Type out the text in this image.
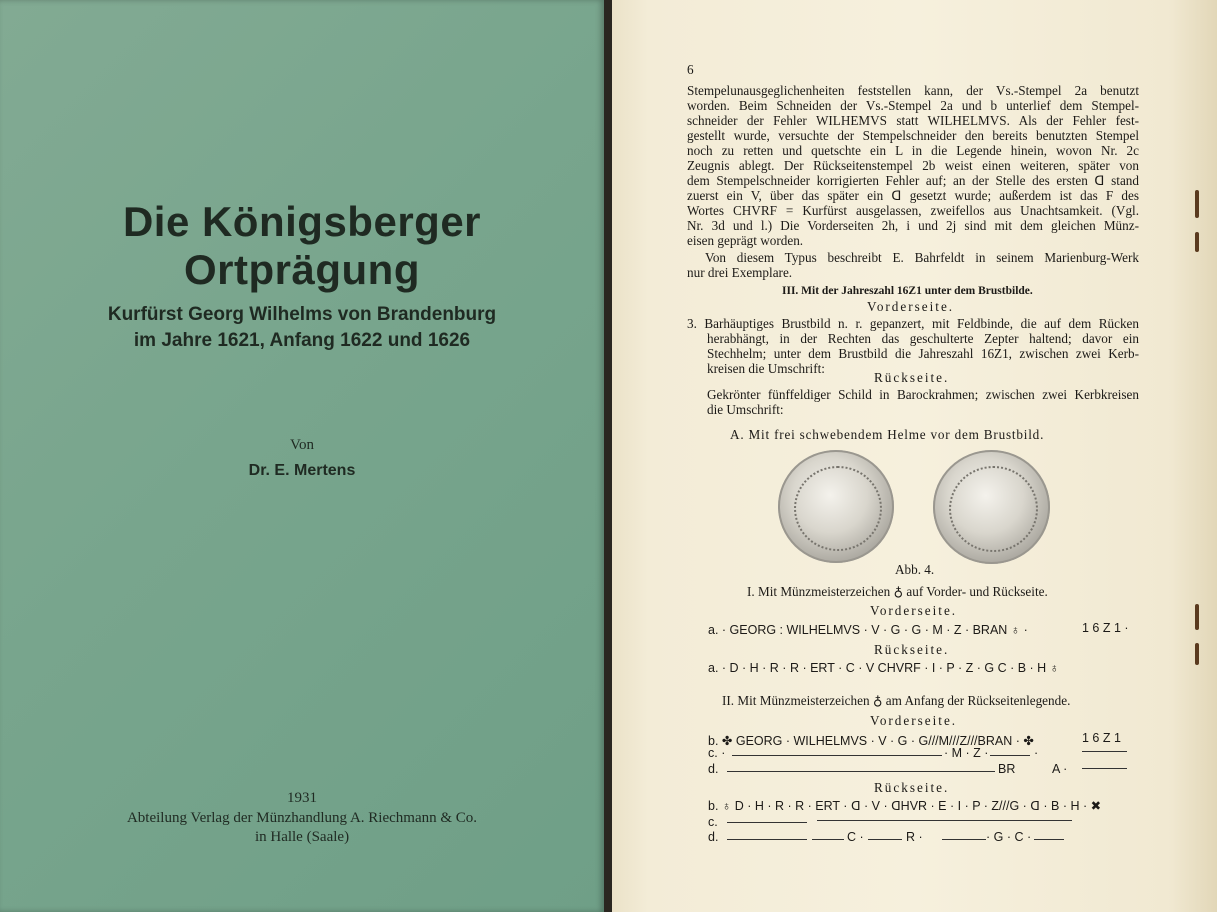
Die Königsberger
Ortprägung
Kurfürst Georg Wilhelms von Brandenburg
im Jahre 1621, Anfang 1622 und 1626
Von
Dr. E. Mertens
1931
Abteilung Verlag der Münzhandlung A. Riechmann & Co.
in Halle (Saale)
6
Stempelunausgeglichenheiten feststellen kann, der Vs.-Stempel 2a benutzt
worden. Beim Schneiden der Vs.-Stempel 2a und b unterlief dem Stempel-
schneider der Fehler WILHEMVS statt WILHELMVS. Als der Fehler fest-
gestellt wurde, versuchte der Stempelschneider den bereits benutzten Stempel
noch zu retten und quetschte ein L in die Legende hinein, wovon Nr. 2c
Zeugnis ablegt. Der Rückseitenstempel 2b weist einen weiteren, später von
dem Stempelschneider korrigierten Fehler auf; an der Stelle des ersten ᗡ stand
zuerst ein V, über das später ein ᗡ gesetzt wurde; außerdem ist das F des
Wortes CHVRF = Kurfürst ausgelassen, zweifellos aus Unachtsamkeit. (Vgl.
Nr. 3d und l.) Die Vorderseiten 2h, i und 2j sind mit dem gleichen Münz-
eisen geprägt worden.
Von diesem Typus beschreibt E. Bahrfeldt in seinem Marienburg-Werk
nur drei Exemplare.
III. Mit der Jahreszahl 16Z1 unter dem Brustbilde.
Vorderseite.
3. Barhäuptiges Brustbild n. r. gepanzert, mit Feldbinde, die auf dem Rücken
herabhängt, in der Rechten das geschulterte Zepter haltend; davor ein
Stechhelm; unter dem Brustbild die Jahreszahl 16Z1, zwischen zwei Kerb-
kreisen die Umschrift:
Rückseite.
Gekrönter fünffeldiger Schild in Barockrahmen; zwischen zwei Kerbkreisen
die Umschrift:
A. Mit frei schwebendem Helme vor dem Brustbild.
Abb. 4.
I. Mit Münzmeisterzeichen ♁ auf Vorder- und Rückseite.
Vorderseite.
a. · GEORG : WILHELMVS · V · G · G · M · Z · BRAN ♁ ·	1 6 Z 1 ·
Rückseite.
a. · D · H · R · R · ERT · C · V CHVRF · I · P · Z · G C · B · H ♁
II. Mit Münzmeisterzeichen ♁ am Anfang der Rückseitenlegende.
Vorderseite.
b. ✤ GEORG · WILHELMVS · V · G · G///M///Z///BRAN · ✤	1 6 Z 1
c. ·	· M · Z ·	·
d.	BR	A ·
Rückseite.
b. ♁ D · H · R · R · ERT · ᗡ · V · ᗡHVR · E · I · P · Z///G · ᗡ · B · H · ✖
c.
d.	C ·	R ·	· G · C ·
